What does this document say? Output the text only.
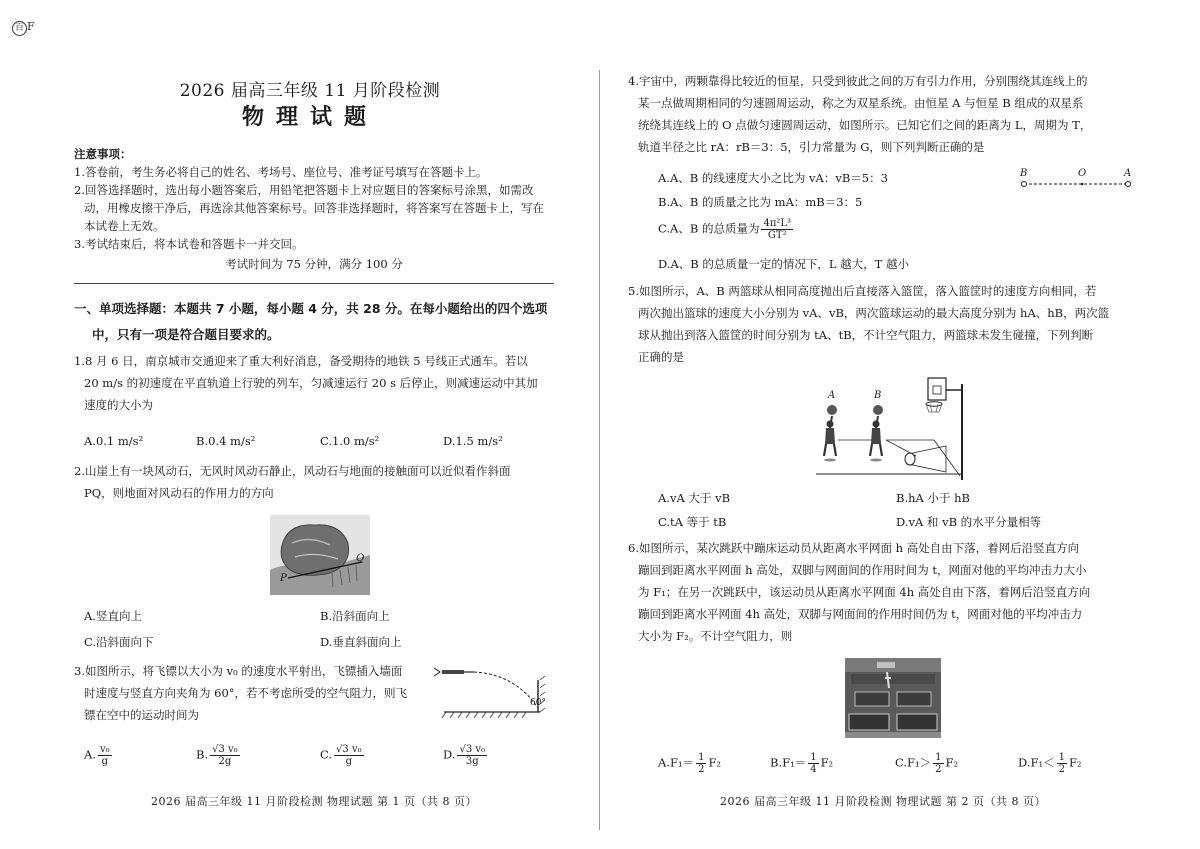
百 F
2026 届高三年级 11 月阶段检测
物理试题
注意事项：
1.答卷前，考生务必将自己的姓名、考场号、座位号、准考证号填写在答题卡上。
2.回答选择题时，选出每小题答案后，用铅笔把答题卡上对应题目的答案标号涂黑，如需改
动，用橡皮擦干净后，再选涂其他答案标号。回答非选择题时，将答案写在答题卡上，写在
本试卷上无效。
3.考试结束后，将本试卷和答题卡一并交回。
考试时间为 75 分钟，满分 100 分
一、单项选择题：本题共 7 小题，每小题 4 分，共 28 分。在每小题给出的四个选项
中，只有一项是符合题目要求的。
1.8 月 6 日，南京城市交通迎来了重大利好消息，备受期待的地铁 5 号线正式通车。若以
20 m/s 的初速度在平直轨道上行驶的列车，匀减速运行 20 s 后停止，则减速运动中其加
速度的大小为
A.0.1 m/s²	B.0.4 m/s²	C.1.0 m/s²	D.1.5 m/s²
2.山崖上有一块风动石，无风时风动石静止，风动石与地面的接触面可以近似看作斜面
PQ，则地面对风动石的作用力的方向
P
Q
A.竖直向上	B.沿斜面向上
C.沿斜面向下	D.垂直斜面向上
3.如图所示，将飞镖以大小为 v₀ 的速度水平射出，飞镖插入墙面
时速度与竖直方向夹角为 60°，若不考虑所受的空气阻力，则飞
镖在空中的运动时间为
60°
A. $\frac{\text{v₀}}{g}$	B. $\frac{\text{√3 v₀}}{2g}$	C. $\frac{\text{√3 v₀}}{g}$	D. $\frac{\text{√3 v₀}}{3g}$
2026 届高三年级 11 月阶段检测 物理试题 第 1 页（共 8 页）
4.宇宙中，两颗靠得比较近的恒星，只受到彼此之间的万有引力作用，分别围绕其连线上的
某一点做周期相同的匀速圆周运动，称之为双星系统。由恒星 A 与恒星 B 组成的双星系
统绕其连线上的 O 点做匀速圆周运动，如图所示。已知它们之间的距离为 L，周期为 T，
轨道半径之比 rA：rB＝3：5，引力常量为 G，则下列判断正确的是
B	O	A
A.A、B 的线速度大小之比为 vA：vB＝5：3
B.A、B 的质量之比为 mA：mB＝3：5
C.A、B 的总质量为 $\frac{\text{4π²L³}}{\text{GT²}}$
D.A、B 的总质量一定的情况下，L 越大，T 越小
5.如图所示，A、B 两篮球从相同高度抛出后直接落入篮筐，落入篮筐时的速度方向相同，若
两次抛出篮球的速度大小分别为 vA、vB，两次篮球运动的最大高度分别为 hA、hB，两次篮
球从抛出到落入篮筐的时间分别为 tA、tB，不计空气阻力，两篮球未发生碰撞，下列判断
正确的是
A	B
A.vA 大于 vB	B.hA 小于 hB
C.tA 等于 tB	D.vA 和 vB 的水平分量相等
6.如图所示，某次跳跃中蹦床运动员从距离水平网面 h 高处自由下落，着网后沿竖直方向
蹦回到距离水平网面 h 高处，双脚与网面间的作用时间为 t，网面对他的平均冲击力大小
为 F₁；在另一次跳跃中，该运动员从距离水平网面 4h 高处自由下落，着网后沿竖直方向
蹦回到距离水平网面 4h 高处，双脚与网面间的作用时间仍为 t，网面对他的平均冲击力
大小为 F₂。不计空气阻力，则
$A.F_1= \frac{1}{2} F_2$	$B.F_1= \frac{1}{4} F_2$	$C.F_1> \frac{1}{2} F_2$	$D.F_1< \frac{1}{2} F_2$
2026 届高三年级 11 月阶段检测 物理试题 第 2 页（共 8 页）
